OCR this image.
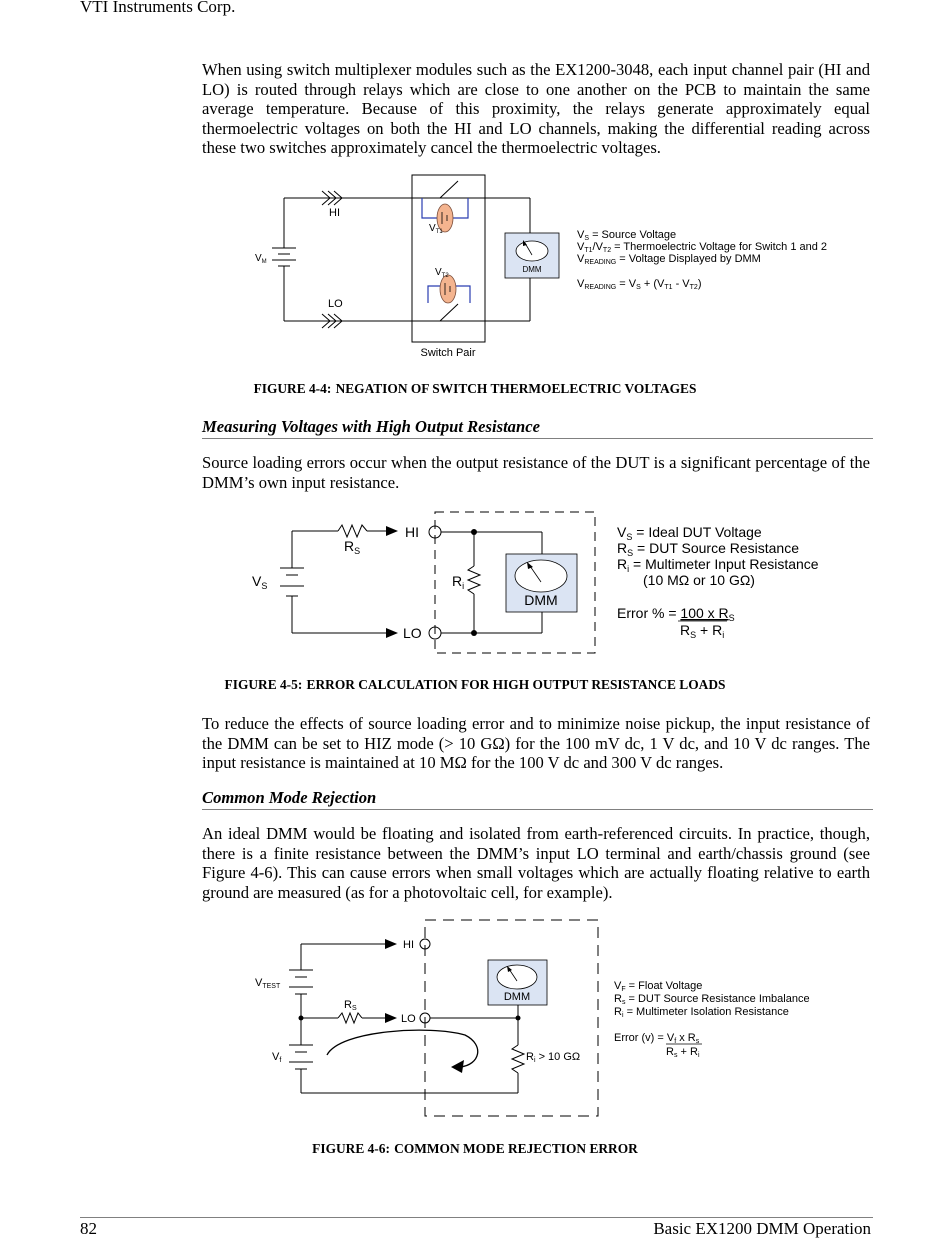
VTI Instruments Corp.

When using switch multiplexer modules such as the EX1200-3048, each input channel pair (HI and LO) is routed through relays which are close to one another on the PCB to maintain the same average temperature. Because of this proximity, the relays generate approximately equal thermoelectric voltages on both the HI and LO channels, making the differential reading across these two switches approximately cancel the thermoelectric voltages.

DMM
HI
LO
$V_M$
$V_{T1}$
$V_{T2}$
Switch Pair
VS = Source Voltage
VT1/VT2 = Thermoelectric Voltage for Switch 1 and 2
VREADING = Voltage Displayed by DMM
VREADING = VS + (VT1 - VT2)
DMM
HI
LO
$R_S$
$V_S$	$R_i$
$V_S$ = Ideal DUT Voltage
$R_S$ = DUT Source Resistance
$R_i$ = Multimeter Input Resistance
(10 MΩ or 10 GΩ)
Error % = 100 x $R_S$
$R_S + R_i$
DMM
HI
LO
VTEST
RS
Vf	Ri > 10 GΩ
VF = Float Voltage
Rs = DUT Source Resistance Imbalance
Ri = Multimeter Isolation Resistance
Error (v) = Vf x Rs
Rs + Ri
FIGURE 4-4: NEGATION OF SWITCH THERMOELECTRIC VOLTAGES
Measuring Voltages with High Output Resistance

Source loading errors occur when the output resistance of the DUT is a significant percentage of the DMM’s own input resistance.

FIGURE 4-5: ERROR CALCULATION FOR HIGH OUTPUT RESISTANCE LOADS

To reduce the effects of source loading error and to minimize noise pickup, the input resistance of the DMM can be set to HIZ mode (> 10 GΩ) for the 100 mV dc, 1 V dc, and 10 V dc ranges. The input resistance is maintained at 10 MΩ for the 100 V dc and 300 V dc ranges.

Common Mode Rejection

An ideal DMM would be floating and isolated from earth-referenced circuits. In practice, though, there is a finite resistance between the DMM’s input LO terminal and earth/chassis ground (see Figure 4-6). This can cause errors when small voltages which are actually floating relative to earth ground are measured (as for a photovoltaic cell, for example).

FIGURE 4-6: COMMON MODE REJECTION ERROR
82	Basic EX1200 DMM Operation
